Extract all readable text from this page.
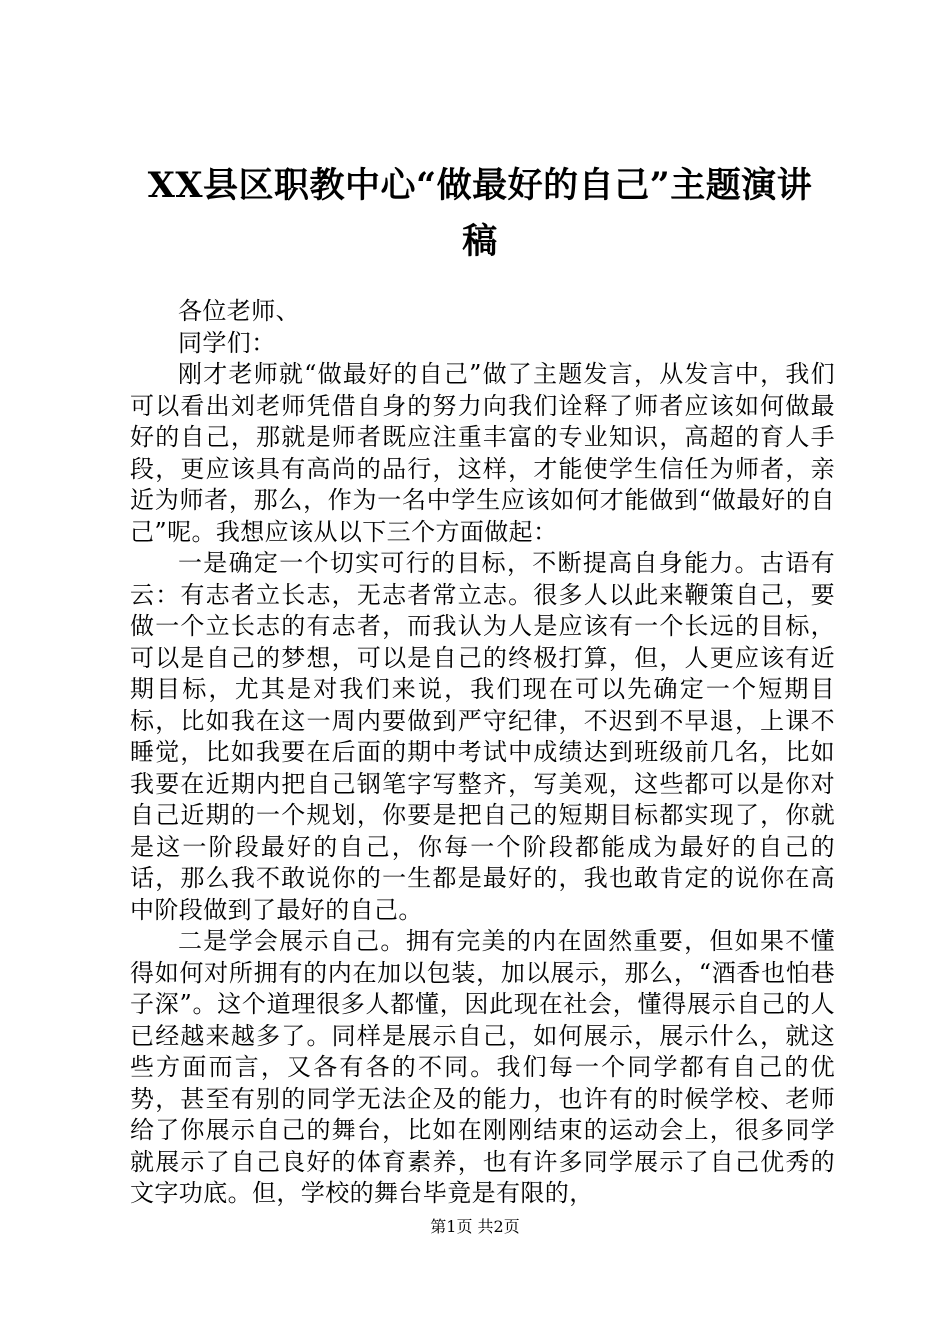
XX县区职教中心“做最好的自己”主题演讲稿

各位老师、

同学们：

刚才老师就“做最好的自己”做了主题发言，从发言中，我们可以看出刘老师凭借自身的努力向我们诠释了师者应该如何做最好的自己，那就是师者既应注重丰富的专业知识，高超的育人手段，更应该具有高尚的品行，这样，才能使学生信任为师者，亲近为师者，那么，作为一名中学生应该如何才能做到“做最好的自己”呢。我想应该从以下三个方面做起：

一是确定一个切实可行的目标，不断提高自身能力。古语有云：有志者立长志，无志者常立志。很多人以此来鞭策自己，要做一个立长志的有志者，而我认为人是应该有一个长远的目标，可以是自己的梦想，可以是自己的终极打算，但，人更应该有近期目标，尤其是对我们来说，我们现在可以先确定一个短期目标，比如我在这一周内要做到严守纪律，不迟到不早退，上课不睡觉，比如我要在后面的期中考试中成绩达到班级前几名，比如我要在近期内把自己钢笔字写整齐，写美观，这些都可以是你对自己近期的一个规划，你要是把自己的短期目标都实现了，你就是这一阶段最好的自己，你每一个阶段都能成为最好的自己的话，那么我不敢说你的一生都是最好的，我也敢肯定的说你在高中阶段做到了最好的自己。

二是学会展示自己。拥有完美的内在固然重要，但如果不懂得如何对所拥有的内在加以包装，加以展示，那么，“酒香也怕巷子深”。这个道理很多人都懂，因此现在社会，懂得展示自己的人已经越来越多了。同样是展示自己，如何展示，展示什么，就这些方面而言，又各有各的不同。我们每一个同学都有自己的优势，甚至有别的同学无法企及的能力，也许有的时候学校、老师给了你展示自己的舞台，比如在刚刚结束的运动会上，很多同学就展示了自己良好的体育素养，也有许多同学展示了自己优秀的文字功底。但，学校的舞台毕竟是有限的，

第1页 共2页
